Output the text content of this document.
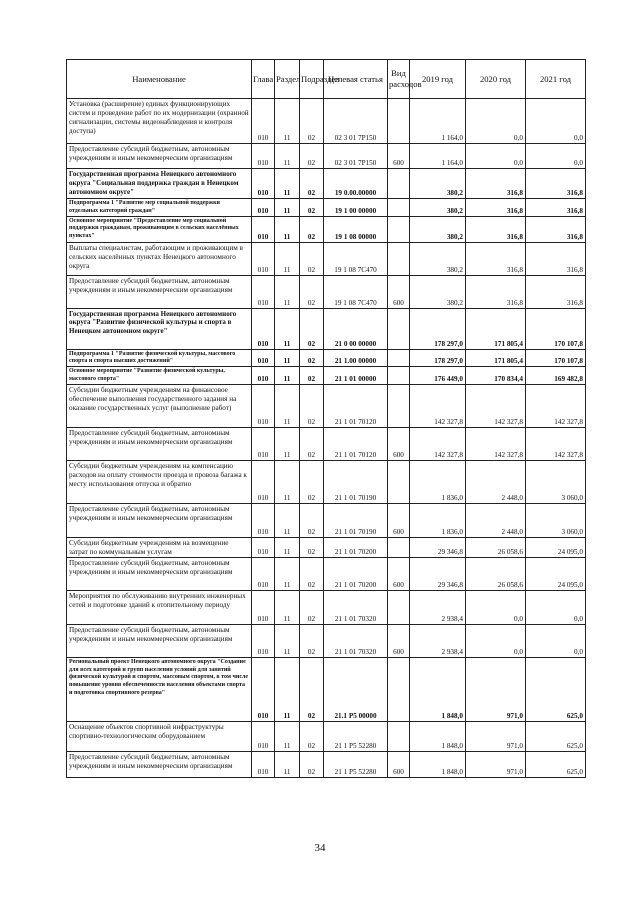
Наименование	Глава	Раздел	Подраздел	Целевая статья	Вид расходов	2019 год	2020 год	2021 год
Установка (расширение) единых функционирующих систем и проведение работ по их модернизации (охранной сигнализации, системы видеонаблюдения и контроля доступа)	010	11	02	02 3 01 7P150		1 164,0	0,0	0,0
Предоставление субсидий бюджетным, автономным учреждениям и иным некоммерческим организациям	010	11	02	02 3 01 7P150	600	1 164,0	0,0	0,0
Государственная программа Ненецкого автономного округа "Социальная поддержка граждан в Ненецком автономном округе"	010	11	02	19 0.00.00000		380,2	316,8	316,8
Подпрограмма 1 "Развитие мер социальной поддержки отдельных категорий граждан"	010	11	02	19 1 00 00000		380,2	316,8	316,8
Основное мероприятие "Предоставление мер социальной поддержки гражданам, проживающим в сельских населённых пунктах"	010	11	02	19 1 08 00000		380,2	316,8	316,8
Выплаты специалистам, работающим и проживающим в сельских населённых пунктах Ненецкого автономного округа	010	11	02	19 1 08 7C470		380,2	316,8	316,8
Предоставление субсидий бюджетным, автономным учреждениям и иным некоммерческим организациям	010	11	02	19 1 08 7C470	600	380,2	316,8	316,8
Государственная программа Ненецкого автономного округа "Развитие физической культуры и спорта в Ненецком автономном округе"	010	11	02	21 0 00 00000		178 297,0	171 805,4	170 107,8
Подпрограмма 1 "Развитие физической культуры, массового спорта и спорта высших достижений"	010	11	02	21 1.00 00000		178 297,0	171 805,4	170 107,8
Основное мероприятие "Развитие физической культуры, массового спорта"	010	11	02	21 1 01 00000		176 449,0	170 834,4	169 482,8
Субсидии бюджетным учреждениям на финансовое обеспечение выполнения государственного задания на оказание государственных услуг (выполнение работ)	010	11	02	21 1 01 70120		142 327,8	142 327,8	142 327,8
Предоставление субсидий бюджетным, автономным учреждениям и иным некоммерческим организациям	010	11	02	21 1 01 70120	600	142 327,8	142 327,8	142 327,8
Субсидии бюджетным учреждениям на компенсацию расходов на оплату стоимости проезда и провоза багажа к месту использования отпуска и обратно	010	11	02	21 1 01 70190		1 836,0	2 448,0	3 060,0
Предоставление субсидий бюджетным, автономным учреждениям и иным некоммерческим организациям	010	11	02	21 1 01 70190	600	1 836,0	2 448,0	3 060,0
Субсидии бюджетным учреждениям на возмещение затрат по коммунальным услугам	010	11	02	21 1 01 70200		29 346,8	26 058,6	24 095,0
Предоставление субсидий бюджетным, автономным учреждениям и иным некоммерческим организациям	010	11	02	21 1 01 70200	600	29 346,8	26 058,6	24 095,0
Мероприятия по обслуживанию внутренних инженерных сетей и подготовке зданий к отопительному периоду	010	11	02	21 1 01 70320		2 938,4	0,0	0,0
Предоставление субсидий бюджетным, автономным учреждениям и иным некоммерческим организациям	010	11	02	21 1 01 70320	600	2 938,4	0,0	0,0
Региональный проект Ненецкого автономного округа "Создание для всех категорий и групп населения условий для занятий физической культурой и спортом, массовым спортом, в том числе повышение уровня обеспеченности населения объектами спорта и подготовка спортивного резерва"	010	11	02	21.1 P5 00000		1 848,0	971,0	625,0
Оснащение объектов спортивной инфраструктуры спортивно-технологическим оборудованием	010	11	02	21 1 P5 52280		1 848,0	971,0	625,0
Предоставление субсидий бюджетным, автономным учреждениям и иным некоммерческим организациям	010	11	02	21 1 P5 52280	600	1 848,0	971,0	625,0
34
